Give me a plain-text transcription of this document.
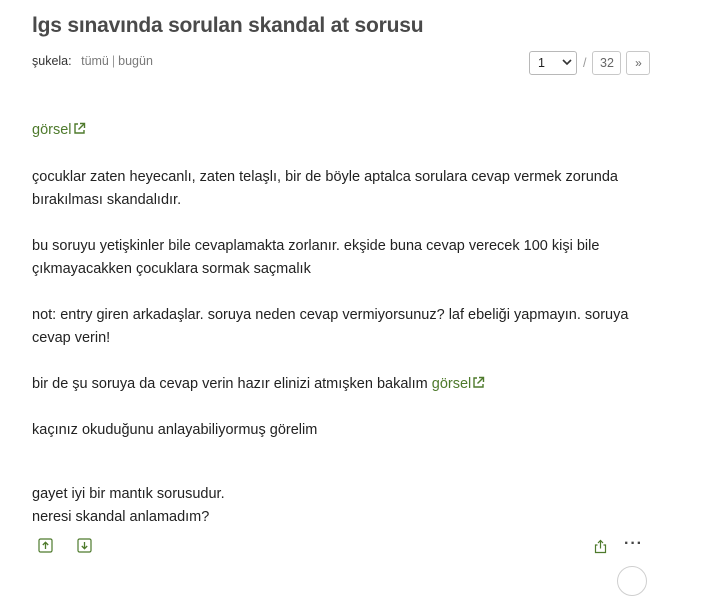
lgs sınavında sorulan skandal at sorusu
şukela: tümü | bugün	1	/	32	»

görsel

çocuklar zaten heyecanlı, zaten telaşlı, bir de böyle aptalca sorulara cevap vermek zorunda bırakılması skandalıdır.

bu soruyu yetişkinler bile cevaplamakta zorlanır. ekşide buna cevap verecek 100 kişi bile çıkmayacakken çocuklara sormak saçmalık

not: entry giren arkadaşlar. soruya neden cevap vermiyorsunuz? laf ebeliği yapmayın. soruya cevap verin!

bir de şu soruya da cevap verin hazır elinizi atmışken bakalım görsel

kaçınız okuduğunu anlayabiliyormuş görelim

gayet iyi bir mantık sorusudur.

neresi skandal anlamadım?

···
